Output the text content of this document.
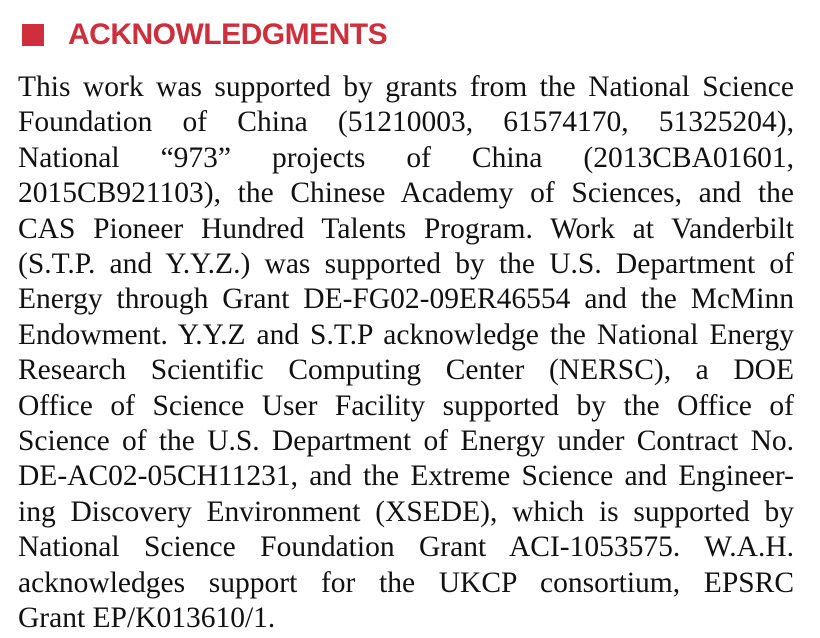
ACKNOWLEDGMENTS
This work was supported by grants from the National Science
Foundation of China (51210003, 61574170, 51325204),
National “973” projects of China (2013CBA01601,
2015CB921103), the Chinese Academy of Sciences, and the
CAS Pioneer Hundred Talents Program. Work at Vanderbilt
(S.T.P. and Y.Y.Z.) was supported by the U.S. Department of
Energy through Grant DE-FG02-09ER46554 and the McMinn
Endowment. Y.Y.Z and S.T.P acknowledge the National Energy
Research Scientific Computing Center (NERSC), a DOE
Office of Science User Facility supported by the Office of
Science of the U.S. Department of Energy under Contract No.
DE-AC02-05CH11231, and the Extreme Science and Engineer-
ing Discovery Environment (XSEDE), which is supported by
National Science Foundation Grant ACI-1053575. W.A.H.
acknowledges support for the UKCP consortium, EPSRC
Grant EP/K013610/1.
